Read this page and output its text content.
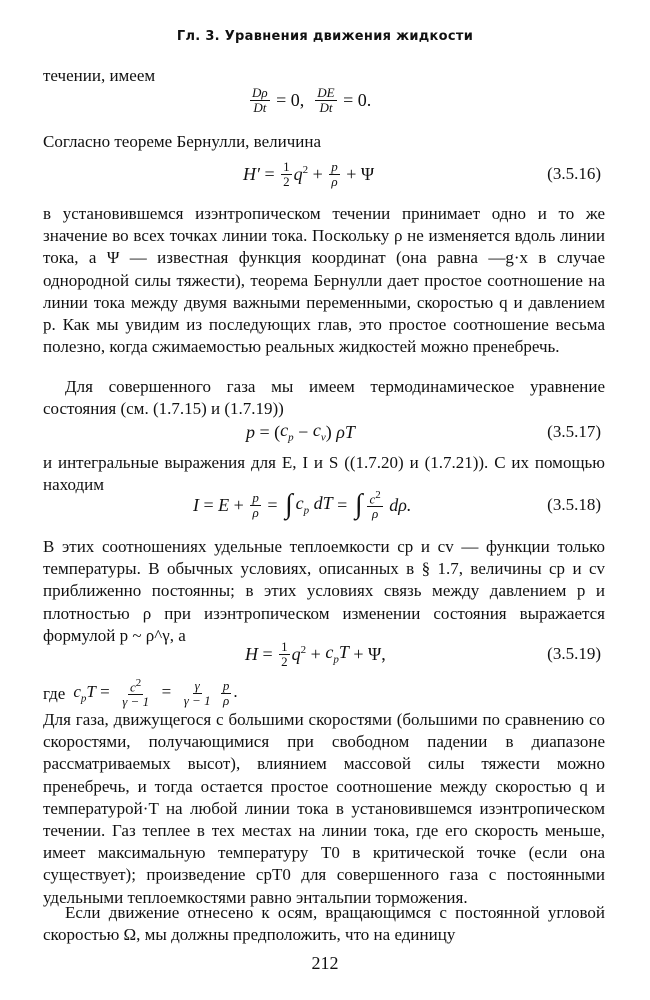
Гл. 3. Уравнения движения жидкости
течении, имеем
$\frac{D\rho}{Dt} = 0$, $\frac{DE}{Dt} = 0$.
Согласно теореме Бернулли, величина
$H' = \frac{1}{2} q^2 + \frac{p}{\rho} + \Psi$	(3.5.16)
в установившемся изэнтропическом течении принимает одно и то же значение во всех точках линии тока. Поскольку ρ не изменяется вдоль линии тока, а Ψ — известная функция координат (она равна —g·x в случае однородной силы тяжести), теорема Бернулли дает простое соотношение на линии тока между двумя важными переменными, скоростью q и давлением p. Как мы увидим из последующих глав, это простое соотношение весьма полезно, когда сжимаемостью реальных жидкостей можно пренебречь.
Для совершенного газа мы имеем термодинамическое уравнение состояния (см. (1.7.15) и (1.7.19))
p = ( $c_p - c_v$ ) ρT	(3.5.17)
и интегральные выражения для E, I и S ((1.7.20) и (1.7.21)). С их помощью находим
$I = E + \frac{p}{\rho}$ = ∫ $c_p$ dT = ∫ $c^2$
ρ dρ.	(3.5.18)
В этих соотношениях удельные теплоемкости cp и cv — функции только температуры. В обычных условиях, описанных в § 1.7, величины cp и cv приближенно постоянны; в этих условиях связь между давлением p и плотностью ρ при изэнтропическом изменении состояния выражается формулой p ~ ρ^γ, а
$H = \frac{1}{2} q^2 + c_pT + \Psi$,	(3.5.19)
где $c_pT = \frac{c^2}{\gamma - 1} = \frac{\gamma}{\gamma - 1}$
$\frac{p}{\rho}$ .
Для газа, движущегося с большими скоростями (большими по сравнению со скоростями, получающимися при свободном падении в диапазоне рассматриваемых высот), влиянием массовой силы тяжести можно пренебречь, и тогда остается простое соотношение между скоростью q и температурой·T на любой линии тока в установившемся изэнтропическом течении. Газ теплее в тех местах на линии тока, где его скорость меньше, имеет максимальную температуру T0 в критической точке (если она существует); произведение cpT0 для совершенного газа с постоянными удельными теплоемкостями равно энтальпии торможения.
Если движение отнесено к осям, вращающимся с постоянной угловой скоростью Ω, мы должны предположить, что на единицу
212
